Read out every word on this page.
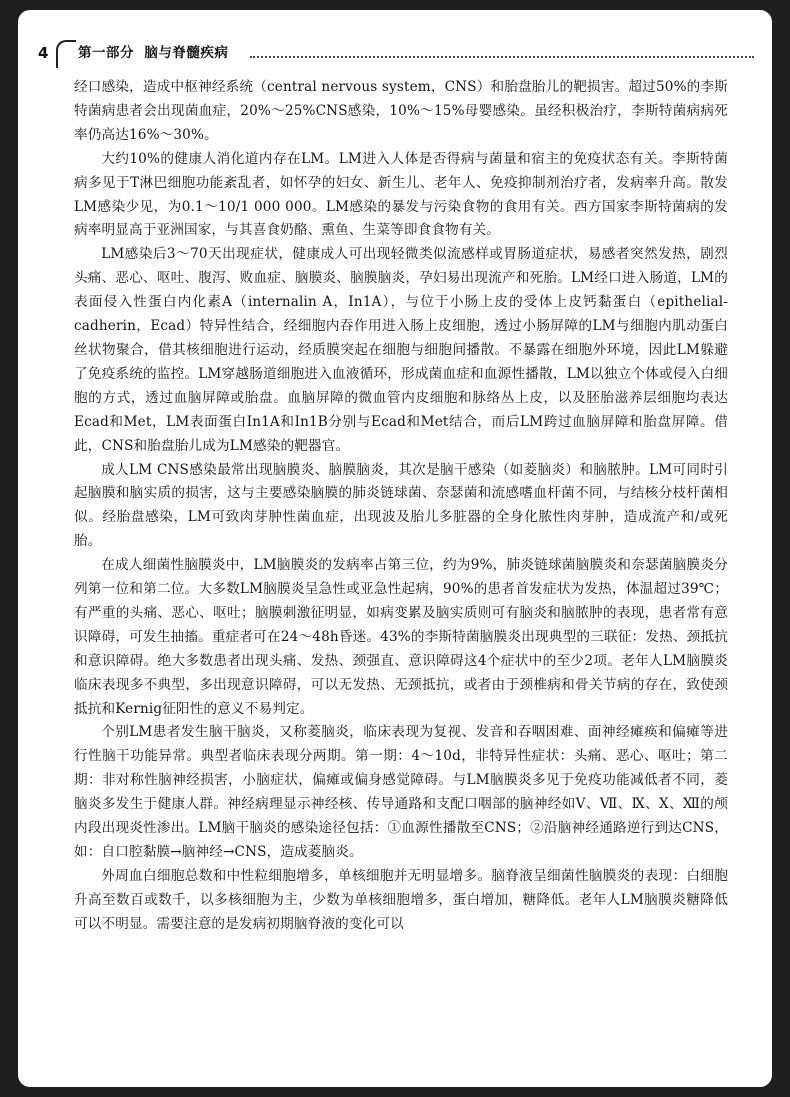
4 第一部分  脑与脊髓疾病

经口感染，造成中枢神经系统（central nervous system，CNS）和胎盘胎儿的靶损害。超过50%的李斯特菌病患者会出现菌血症，20%～25%CNS感染，10%～15%母婴感染。虽经积极治疗，李斯特菌病病死率仍高达16%～30%。

大约10%的健康人消化道内存在LM。LM进入人体是否得病与菌量和宿主的免疫状态有关。李斯特菌病多见于T淋巴细胞功能紊乱者，如怀孕的妇女、新生儿、老年人、免疫抑制剂治疗者，发病率升高。散发LM感染少见，为0.1～10/1 000 000。LM感染的暴发与污染食物的食用有关。西方国家李斯特菌病的发病率明显高于亚洲国家，与其喜食奶酪、熏鱼、生菜等即食食物有关。

LM感染后3～70天出现症状，健康成人可出现轻微类似流感样或胃肠道症状，易感者突然发热，剧烈头痛、恶心、呕吐、腹泻、败血症、脑膜炎、脑膜脑炎，孕妇易出现流产和死胎。LM经口进入肠道，LM的表面侵入性蛋白内化素A（internalin A，In1A），与位于小肠上皮的受体上皮钙黏蛋白（epithelial-cadherin，Ecad）特异性结合，经细胞内吞作用进入肠上皮细胞，透过小肠屏障的LM与细胞内肌动蛋白丝状物聚合，借其核细胞进行运动，经质膜突起在细胞与细胞间播散。不暴露在细胞外环境，因此LM躲避了免疫系统的监控。LM穿越肠道细胞进入血液循环，形成菌血症和血源性播散，LM以独立个体或侵入白细胞的方式，透过血脑屏障或胎盘。血脑屏障的微血管内皮细胞和脉络丛上皮，以及胚胎滋养层细胞均表达Ecad和Met，LM表面蛋白In1A和In1B分别与Ecad和Met结合，而后LM跨过血脑屏障和胎盘屏障。借此，CNS和胎盘胎儿成为LM感染的靶器官。

成人LM CNS感染最常出现脑膜炎、脑膜脑炎，其次是脑干感染（如菱脑炎）和脑脓肿。LM可同时引起脑膜和脑实质的损害，这与主要感染脑膜的肺炎链球菌、奈瑟菌和流感嗜血杆菌不同，与结核分枝杆菌相似。经胎盘感染，LM可致肉芽肿性菌血症，出现波及胎儿多脏器的全身化脓性肉芽肿，造成流产和/或死胎。

在成人细菌性脑膜炎中，LM脑膜炎的发病率占第三位，约为9%，肺炎链球菌脑膜炎和奈瑟菌脑膜炎分列第一位和第二位。大多数LM脑膜炎呈急性或亚急性起病，90%的患者首发症状为发热，体温超过39℃；有严重的头痛、恶心、呕吐；脑膜刺激征明显，如病变累及脑实质则可有脑炎和脑脓肿的表现，患者常有意识障碍，可发生抽搐。重症者可在24～48h昏迷。43%的李斯特菌脑膜炎出现典型的三联征：发热、颈抵抗和意识障碍。绝大多数患者出现头痛、发热、颈强直、意识障碍这4个症状中的至少2项。老年人LM脑膜炎临床表现多不典型，多出现意识障碍，可以无发热、无颈抵抗，或者由于颈椎病和骨关节病的存在，致使颈抵抗和Kernig征阳性的意义不易判定。

个别LM患者发生脑干脑炎，又称菱脑炎，临床表现为复视、发音和吞咽困难、面神经瘫痪和偏瘫等进行性脑干功能异常。典型者临床表现分两期。第一期：4～10d，非特异性症状：头痛、恶心、呕吐；第二期：非对称性脑神经损害，小脑症状，偏瘫或偏身感觉障碍。与LM脑膜炎多见于免疫功能减低者不同，菱脑炎多发生于健康人群。神经病理显示神经核、传导通路和支配口咽部的脑神经如Ⅴ、Ⅶ、Ⅸ、Ⅹ、Ⅻ的颅内段出现炎性渗出。LM脑干脑炎的感染途径包括：①血源性播散至CNS；②沿脑神经通路逆行到达CNS，如：自口腔黏膜→脑神经→CNS，造成菱脑炎。

外周血白细胞总数和中性粒细胞增多，单核细胞并无明显增多。脑脊液呈细菌性脑膜炎的表现：白细胞升高至数百或数千，以多核细胞为主，少数为单核细胞增多，蛋白增加，糖降低。老年人LM脑膜炎糖降低可以不明显。需要注意的是发病初期脑脊液的变化可以
